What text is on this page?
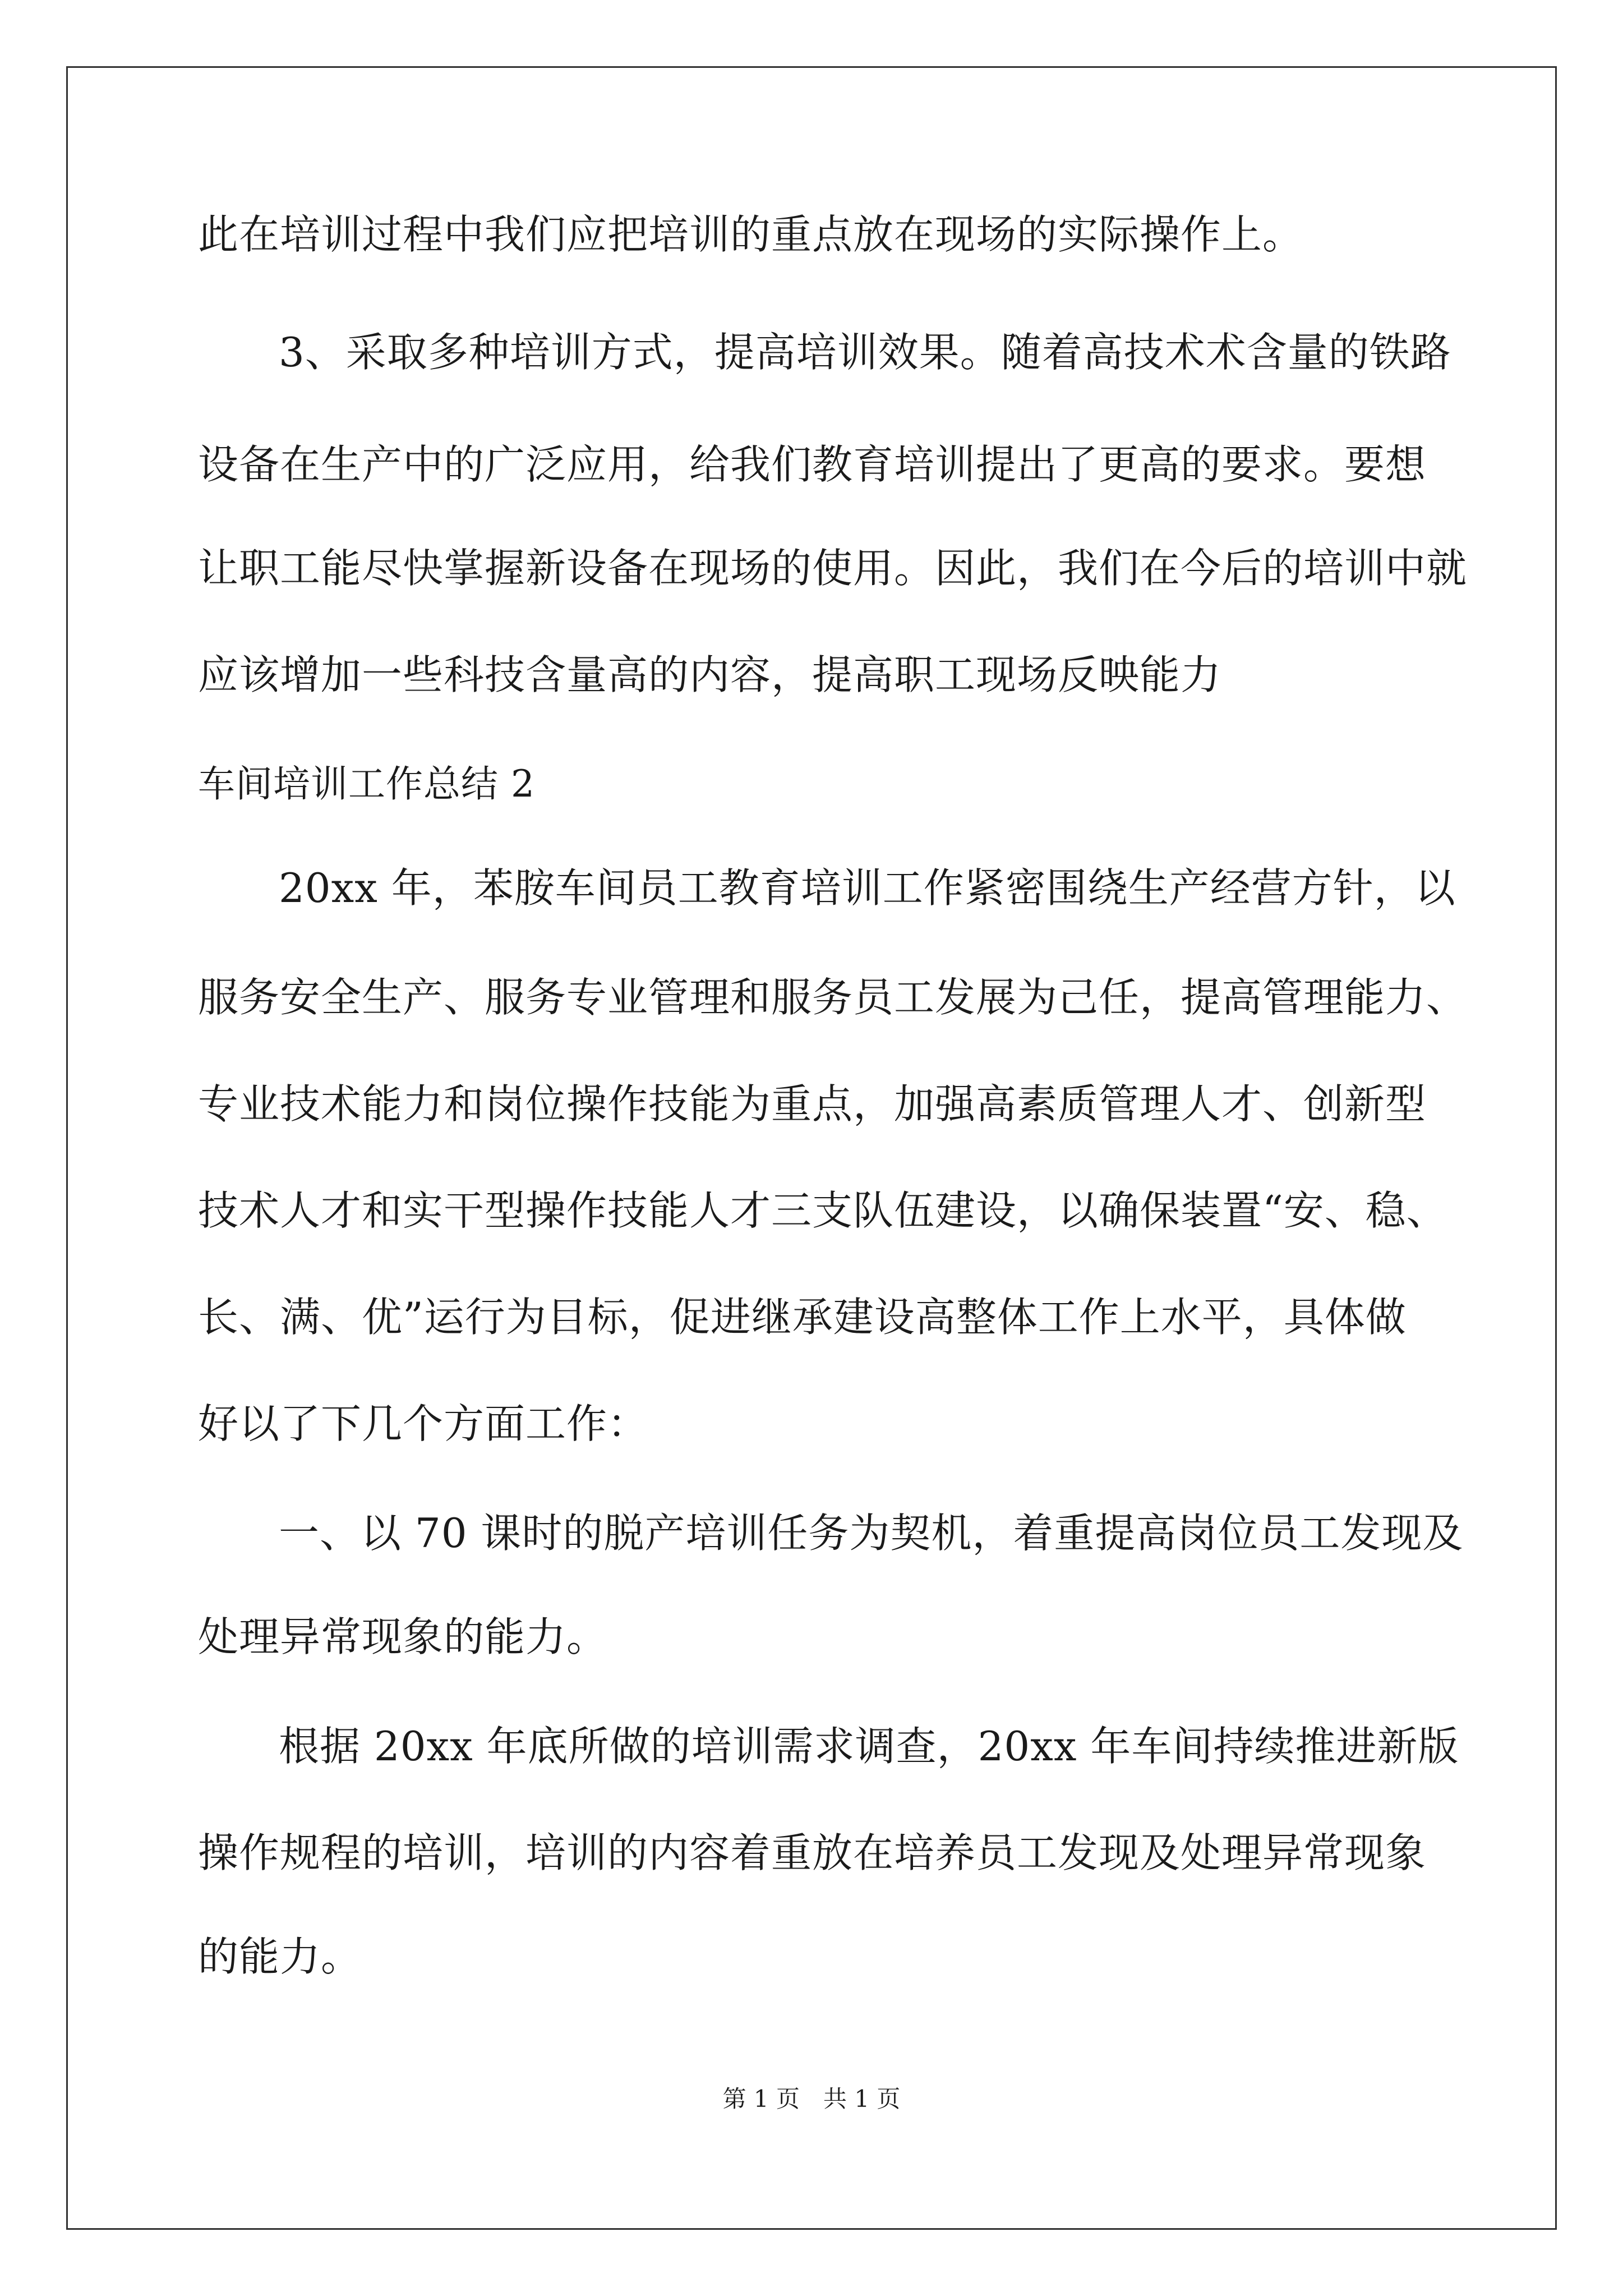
此在培训过程中我们应把培训的重点放在现场的实际操作上。

3、采取多种培训方式，提高培训效果。随着高技术术含量的铁路

设备在生产中的广泛应用，给我们教育培训提出了更高的要求。要想

让职工能尽快掌握新设备在现场的使用。因此，我们在今后的培训中就

应该增加一些科技含量高的内容，提高职工现场反映能力

车间培训工作总结 2

20xx 年，苯胺车间员工教育培训工作紧密围绕生产经营方针，以

服务安全生产、服务专业管理和服务员工发展为己任，提高管理能力、

专业技术能力和岗位操作技能为重点，加强高素质管理人才、创新型

技术人才和实干型操作技能人才三支队伍建设，以确保装置“安、稳、

长、满、优”运行为目标，促进继承建设高整体工作上水平，具体做

好以了下几个方面工作：

一、以 70 课时的脱产培训任务为契机，着重提高岗位员工发现及

处理异常现象的能力。

根据 20xx 年底所做的培训需求调查，20xx 年车间持续推进新版

操作规程的培训，培训的内容着重放在培养员工发现及处理异常现象

的能力。

第 1 页　共 1 页
